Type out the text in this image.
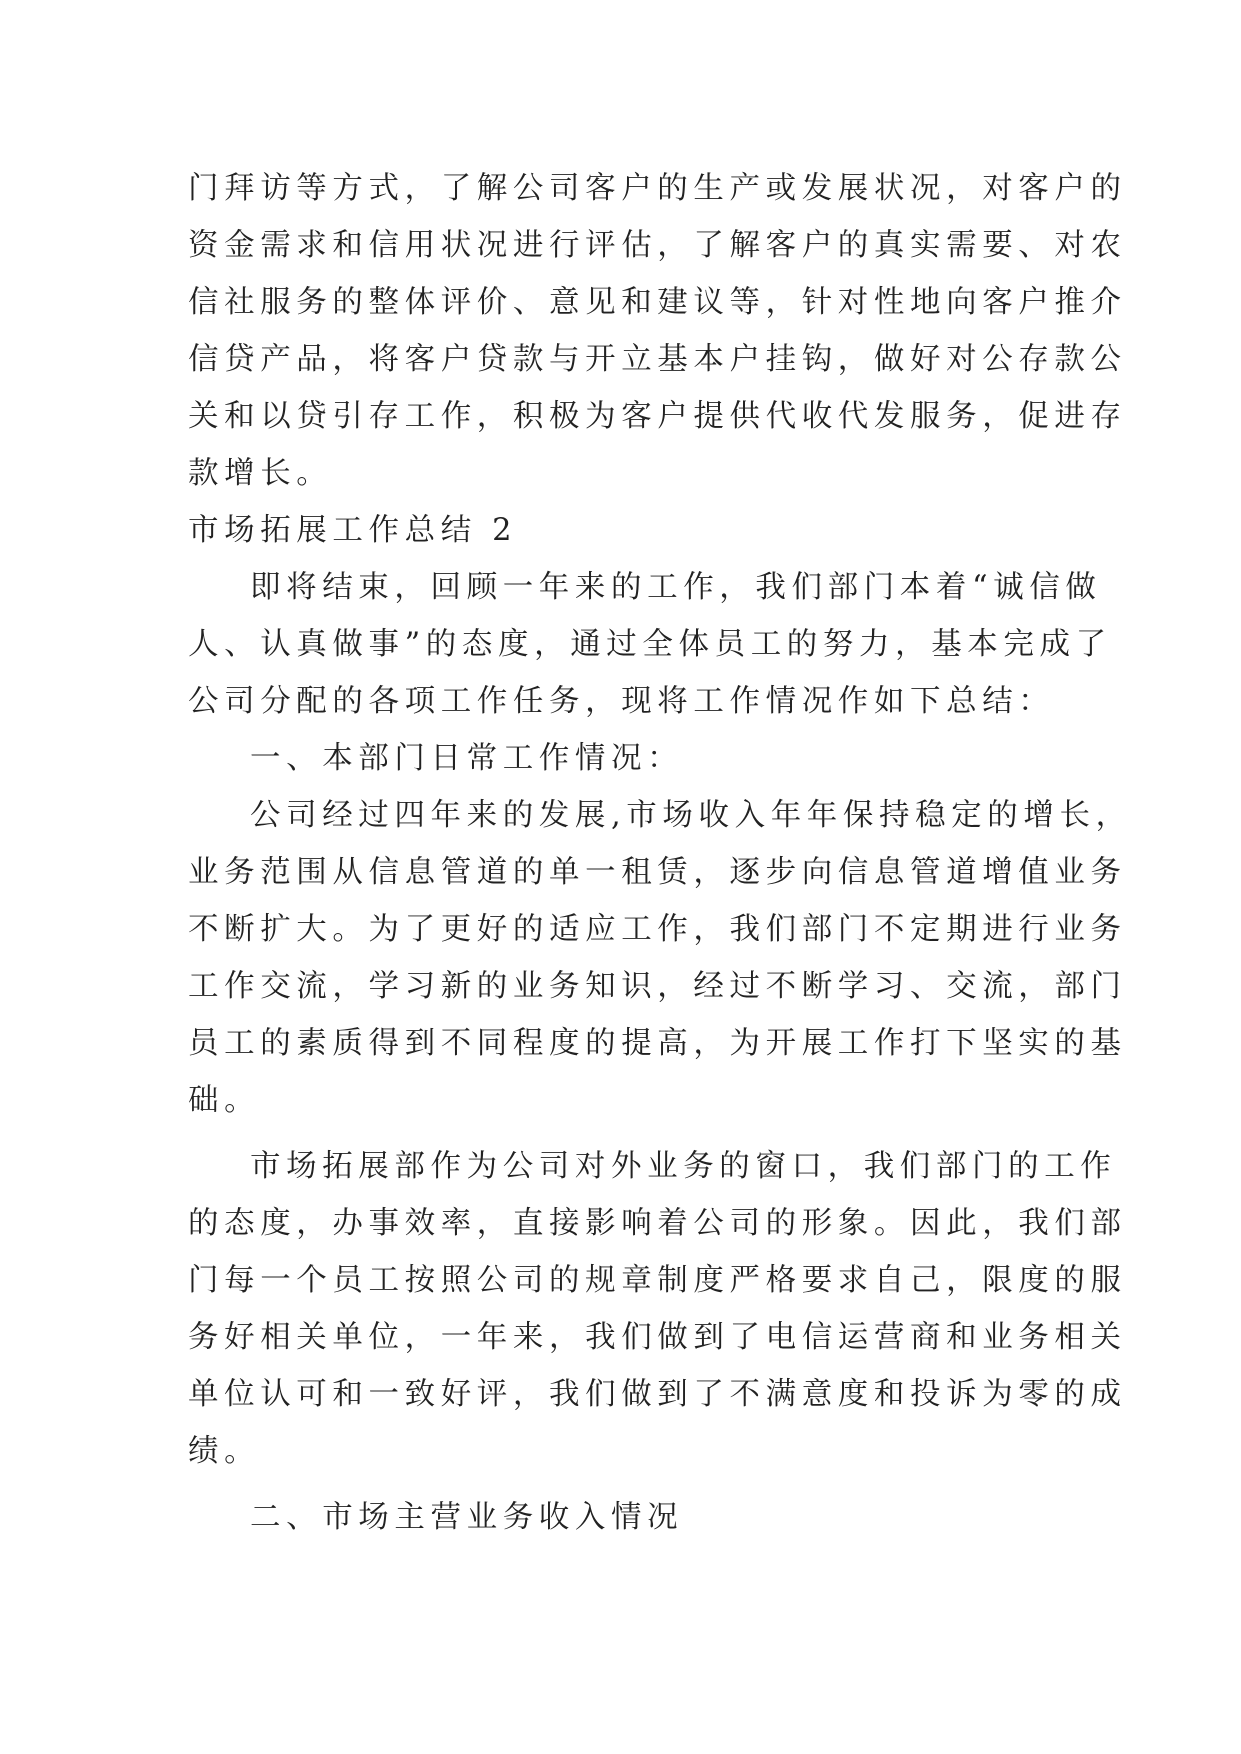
门拜访等方式，了解公司客户的生产或发展状况，对客户的
资金需求和信用状况进行评估，了解客户的真实需要、对农
信社服务的整体评价、意见和建议等，针对性地向客户推介
信贷产品，将客户贷款与开立基本户挂钩，做好对公存款公
关和以贷引存工作，积极为客户提供代收代发服务，促进存
款增长。
市场拓展工作总结 2
即将结束，回顾一年来的工作，我们部门本着“诚信做
人、认真做事”的态度，通过全体员工的努力，基本完成了
公司分配的各项工作任务，现将工作情况作如下总结：
一、本部门日常工作情况：
公司经过四年来的发展,市场收入年年保持稳定的增长，
业务范围从信息管道的单一租赁，逐步向信息管道增值业务
不断扩大。为了更好的适应工作，我们部门不定期进行业务
工作交流，学习新的业务知识，经过不断学习、交流，部门
员工的素质得到不同程度的提高，为开展工作打下坚实的基
础。
市场拓展部作为公司对外业务的窗口，我们部门的工作
的态度，办事效率，直接影响着公司的形象。因此，我们部
门每一个员工按照公司的规章制度严格要求自己，限度的服
务好相关单位，一年来，我们做到了电信运营商和业务相关
单位认可和一致好评，我们做到了不满意度和投诉为零的成
绩。
二、市场主营业务收入情况
